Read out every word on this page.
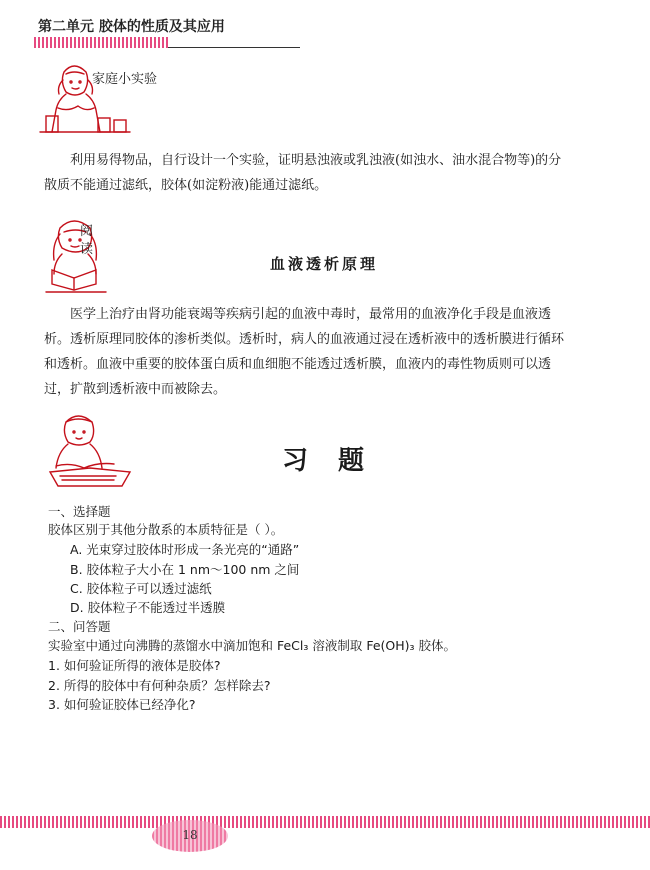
第二单元 胶体的性质及其应用
家庭小实验
利用易得物品，自行设计一个实验，证明悬浊液或乳浊液(如浊水、油水混合物等)的分
散质不能通过滤纸，胶体(如淀粉液)能通过滤纸。
阅
读
血液透析原理
医学上治疗由肾功能衰竭等疾病引起的血液中毒时，最常用的血液净化手段是血液透
析。透析原理同胶体的渗析类似。透析时，病人的血液通过浸在透析液中的透析膜进行循环
和透析。血液中重要的胶体蛋白质和血细胞不能透过透析膜，血液内的毒性物质则可以透
过，扩散到透析液中而被除去。
习题
一、选择题
胶体区别于其他分散系的本质特征是（ ）。
A. 光束穿过胶体时形成一条光亮的“通路”
B. 胶体粒子大小在 1 nm～100 nm 之间
C. 胶体粒子可以透过滤纸
D. 胶体粒子不能透过半透膜
二、问答题
实验室中通过向沸腾的蒸馏水中滴加饱和 FeCl₃ 溶液制取 Fe(OH)₃ 胶体。
1. 如何验证所得的液体是胶体?
2. 所得的胶体中有何种杂质？怎样除去?
3. 如何验证胶体已经净化?
18
